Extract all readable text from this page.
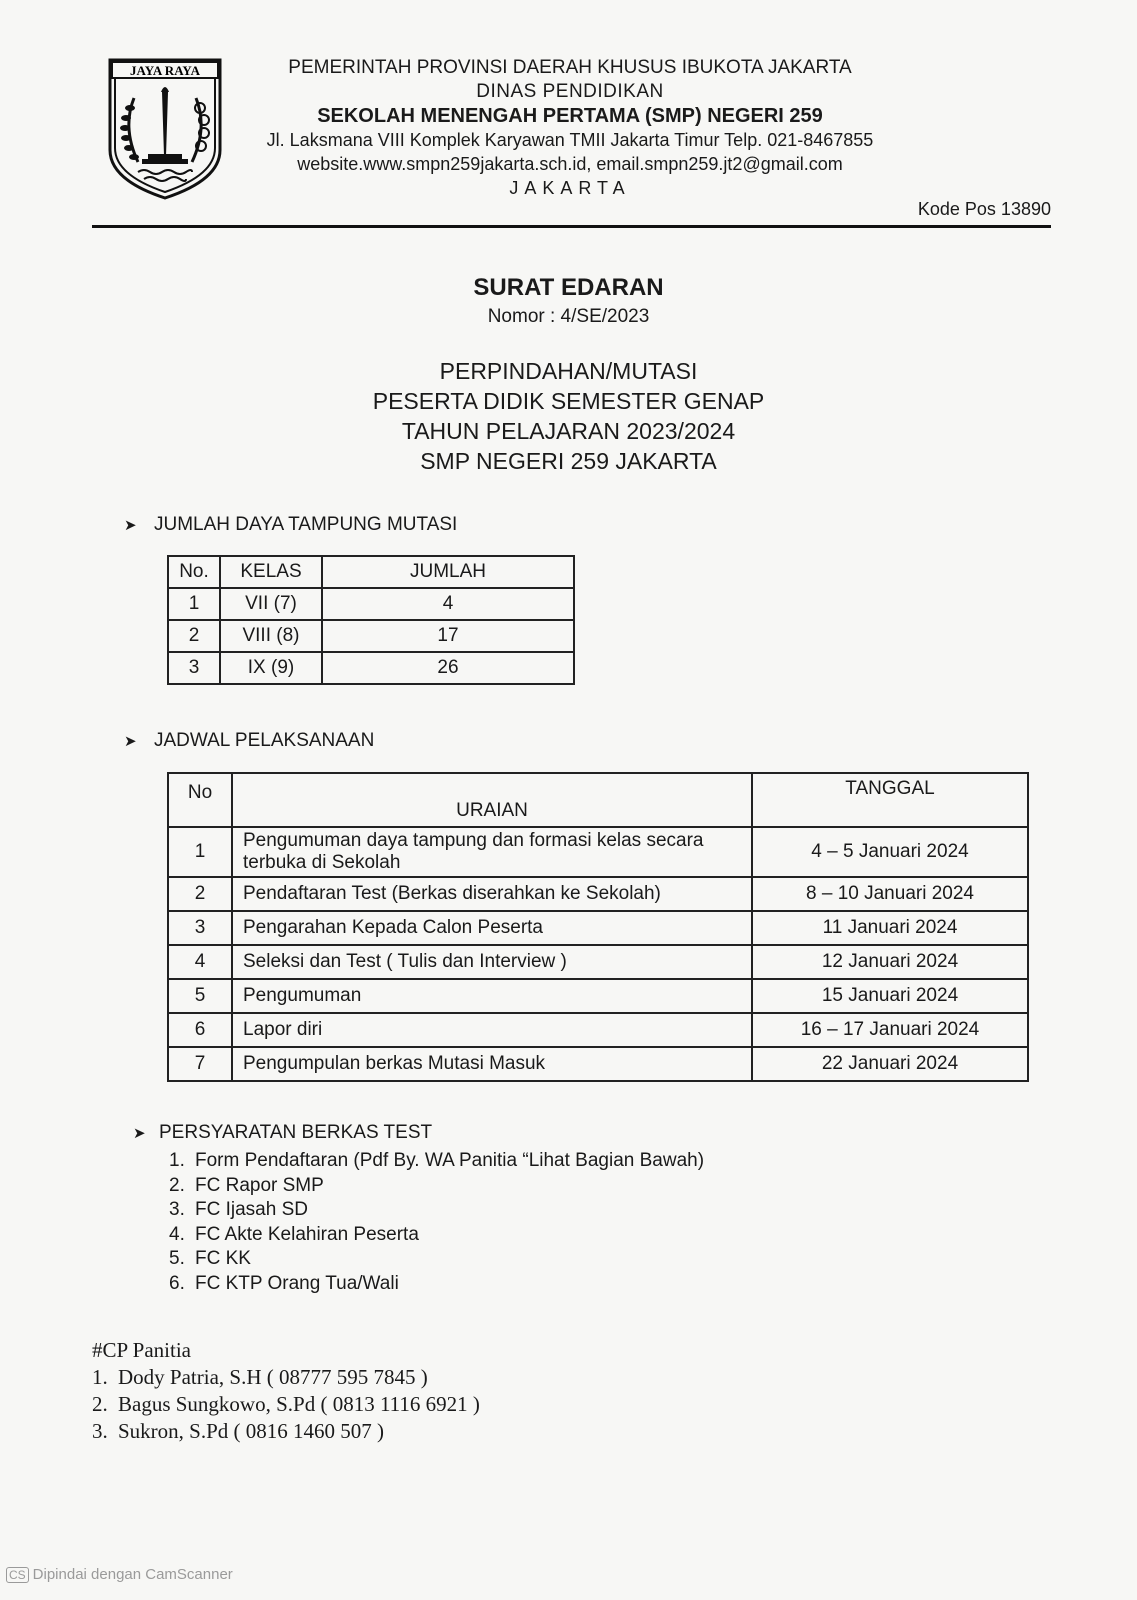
JAYA RAYA	PEMERINTAH PROVINSI DAERAH KHUSUS IBUKOTA JAKARTA
DINAS PENDIDIKAN
SEKOLAH MENENGAH PERTAMA (SMP) NEGERI 259
Jl. Laksmana VIII Komplek Karyawan TMII Jakarta Timur Telp. 021-8467855
website.www.smpn259jakarta.sch.id, email.smpn259.jt2@gmail.com
JAKARTA
Kode Pos 13890
SURAT EDARAN
Nomor : 4/SE/2023
PERPINDAHAN/MUTASI
PESERTA DIDIK SEMESTER GENAP
TAHUN PELAJARAN 2023/2024
SMP NEGERI 259 JAKARTA
➤ JUMLAH DAYA TAMPUNG MUTASI
No.	KELAS	JUMLAH
1	VII (7)	4
2	VIII (8)	17
3	IX (9)	26
➤ JADWAL PELAKSANAAN
No	URAIAN	TANGGAL
1	Pengumuman daya tampung dan formasi kelas secara terbuka di Sekolah	4 – 5 Januari 2024
2	Pendaftaran Test (Berkas diserahkan ke Sekolah)	8 – 10 Januari 2024
3	Pengarahan Kepada Calon Peserta	11 Januari 2024
4	Seleksi dan Test ( Tulis dan Interview )	12 Januari 2024
5	Pengumuman	15 Januari 2024
6	Lapor diri	16 – 17 Januari 2024
7	Pengumpulan berkas Mutasi Masuk	22 Januari 2024
➤ PERSYARATAN BERKAS TEST
1. Form Pendaftaran (Pdf By. WA Panitia “Lihat Bagian Bawah)
2. FC Rapor SMP
3. FC Ijasah SD
4. FC Akte Kelahiran Peserta
5. FC KK
6. FC KTP Orang Tua/Wali
#CP Panitia
1. Dody Patria, S.H ( 08777 595 7845 )
2. Bagus Sungkowo, S.Pd ( 0813 1116 6921 )
3. Sukron, S.Pd ( 0816 1460 507 )
CS Dipindai dengan CamScanner
